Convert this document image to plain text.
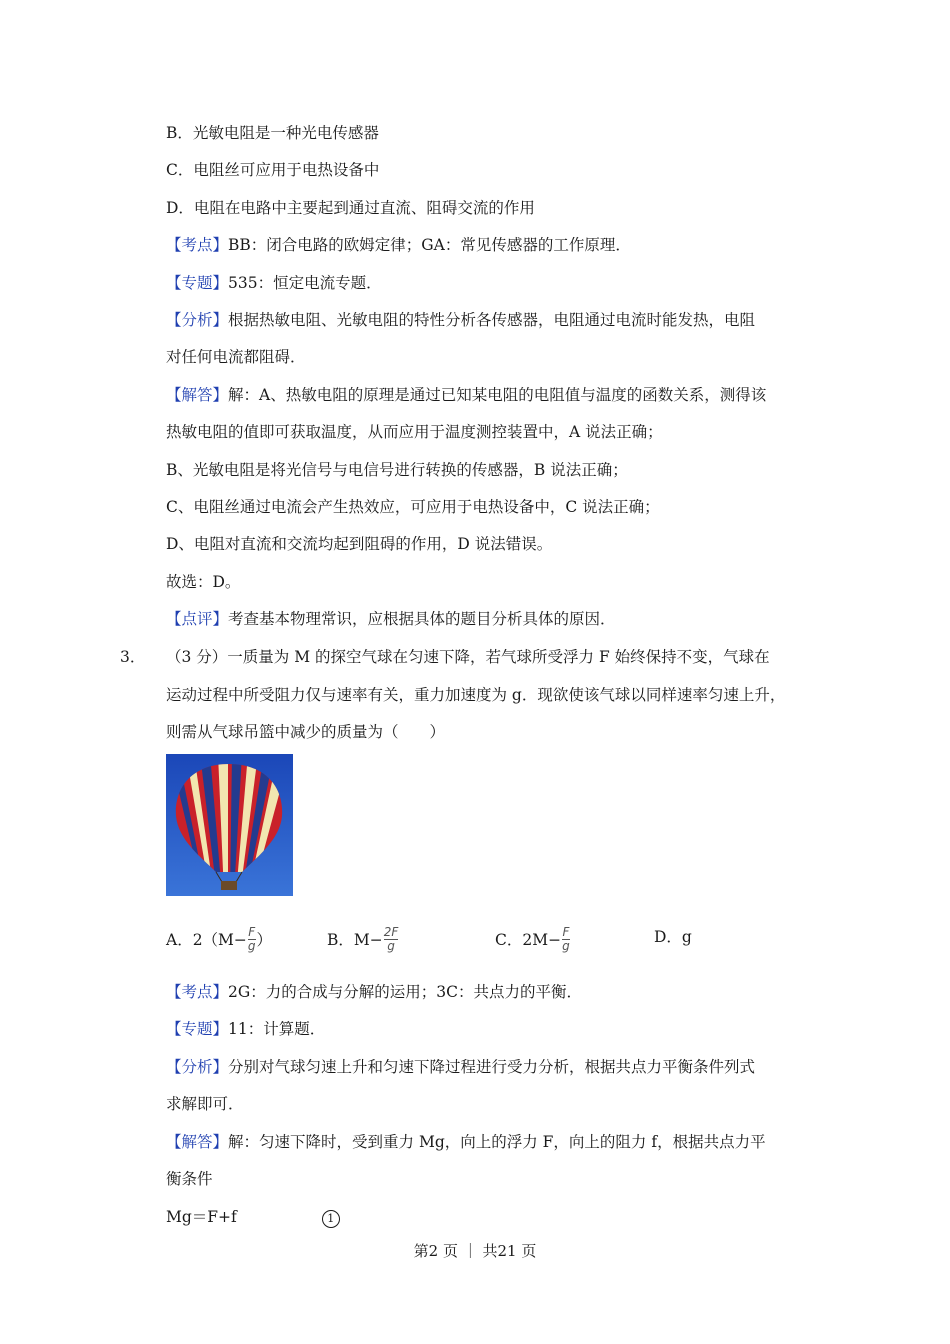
B．光敏电阻是一种光电传感器
C．电阻丝可应用于电热设备中
D．电阻在电路中主要起到通过直流、阻碍交流的作用
【考点】BB：闭合电路的欧姆定律；GA：常见传感器的工作原理．
【专题】535：恒定电流专题．
【分析】根据热敏电阻、光敏电阻的特性分析各传感器，电阻通过电流时能发热，电阻
对任何电流都阻碍．
【解答】解：A、热敏电阻的原理是通过已知某电阻的电阻值与温度的函数关系，测得该
热敏电阻的值即可获取温度，从而应用于温度测控装置中，A 说法正确；
B、光敏电阻是将光信号与电信号进行转换的传感器，B 说法正确；
C、电阻丝通过电流会产生热效应，可应用于电热设备中，C 说法正确；
D、电阻对直流和交流均起到阻碍的作用，D 说法错误。
故选：D。
【点评】考查基本物理常识，应根据具体的题目分析具体的原因．
3． （3 分）一质量为 M 的探空气球在匀速下降，若气球所受浮力 F 始终保持不变，气球在
运动过程中所受阻力仅与速率有关，重力加速度为 g．现欲使该气球以同样速率匀速上升，
则需从气球吊篮中减少的质量为（　　）
A．$2(M- \frac{F}{g}$ ）	B．$M- \frac{2F}{g}$	C．$2M- \frac{F}{g}$	D．g
【考点】2G：力的合成与分解的运用；3C：共点力的平衡．
【专题】11：计算题．
【分析】分别对气球匀速上升和匀速下降过程进行受力分析，根据共点力平衡条件列式
求解即可．
【解答】解：匀速下降时，受到重力 Mg，向上的浮力 F，向上的阻力 f，根据共点力平
衡条件
Mg＝F+f	1
第2 页 ｜ 共21 页
